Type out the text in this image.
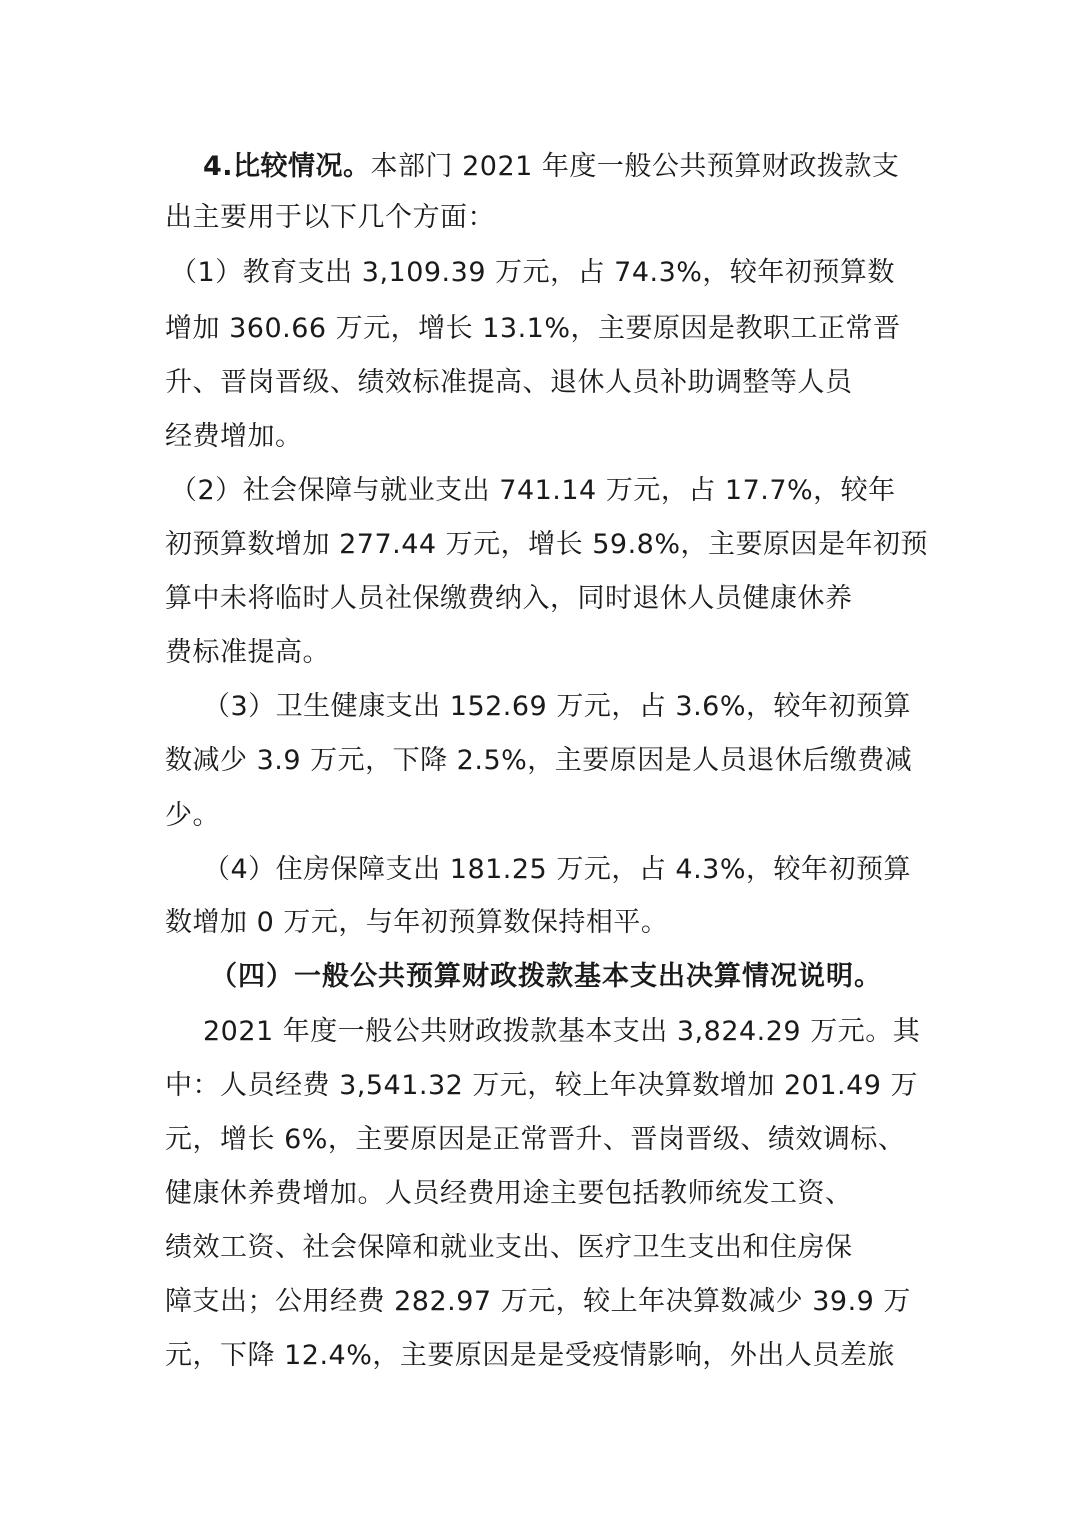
4.比较情况。本部门 2021 年度一般公共预算财政拨款支
出主要用于以下几个方面：
（1）教育支出 3,109.39 万元，占 74.3%，较年初预算数
增加 360.66 万元，增长 13.1%，主要原因是教职工正常晋
升、晋岗晋级、绩效标准提高、退休人员补助调整等人员
经费增加。
（2）社会保障与就业支出 741.14 万元，占 17.7%，较年
初预算数增加 277.44 万元，增长 59.8%，主要原因是年初预
算中未将临时人员社保缴费纳入，同时退休人员健康休养
费标准提高。
（3）卫生健康支出 152.69 万元，占 3.6%，较年初预算
数减少 3.9 万元，下降 2.5%，主要原因是人员退休后缴费减
少。
（4）住房保障支出 181.25 万元，占 4.3%，较年初预算
数增加 0 万元，与年初预算数保持相平。
（四）一般公共预算财政拨款基本支出决算情况说明。
2021 年度一般公共财政拨款基本支出 3,824.29 万元。其
中：人员经费 3,541.32 万元，较上年决算数增加 201.49 万
元，增长 6%，主要原因是正常晋升、晋岗晋级、绩效调标、
健康休养费增加。人员经费用途主要包括教师统发工资、
绩效工资、社会保障和就业支出、医疗卫生支出和住房保
障支出；公用经费 282.97 万元，较上年决算数减少 39.9 万
元，下降 12.4%，主要原因是是受疫情影响，外出人员差旅
